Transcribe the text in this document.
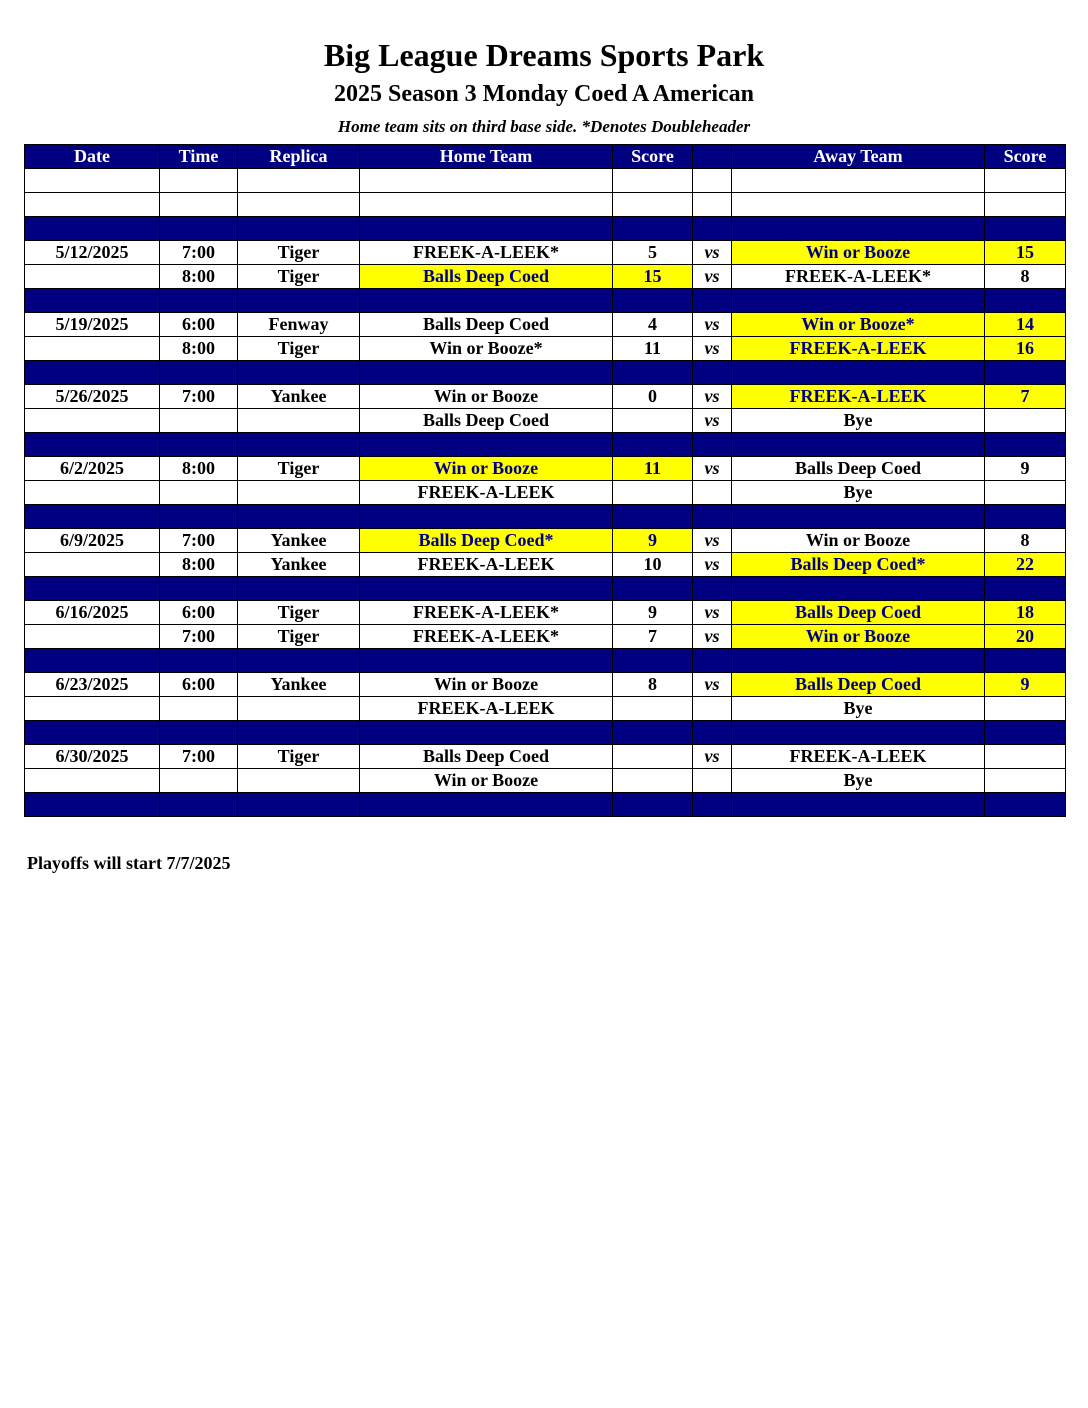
Big League Dreams Sports Park
2025 Season 3 Monday Coed A American
Home team sits on third base side. *Denotes Doubleheader
Date	Time	Replica	Home Team	Score		Away Team	Score

5/12/2025	7:00	Tiger	FREEK-A-LEEK*	5	vs	Win or Booze	15
	8:00	Tiger	Balls Deep Coed	15	vs	FREEK-A-LEEK*	8

5/19/2025	6:00	Fenway	Balls Deep Coed	4	vs	Win or Booze*	14
	8:00	Tiger	Win or Booze*	11	vs	FREEK-A-LEEK	16

5/26/2025	7:00	Yankee	Win or Booze	0	vs	FREEK-A-LEEK	7
			Balls Deep Coed		vs	Bye	

6/2/2025	8:00	Tiger	Win or Booze	11	vs	Balls Deep Coed	9
			FREEK-A-LEEK			Bye	

6/9/2025	7:00	Yankee	Balls Deep Coed*	9	vs	Win or Booze	8
	8:00	Yankee	FREEK-A-LEEK	10	vs	Balls Deep Coed*	22

6/16/2025	6:00	Tiger	FREEK-A-LEEK*	9	vs	Balls Deep Coed	18
	7:00	Tiger	FREEK-A-LEEK*	7	vs	Win or Booze	20

6/23/2025	6:00	Yankee	Win or Booze	8	vs	Balls Deep Coed	9
			FREEK-A-LEEK			Bye	

6/30/2025	7:00	Tiger	Balls Deep Coed		vs	FREEK-A-LEEK	
			Win or Booze			Bye	

Playoffs will start 7/7/2025
